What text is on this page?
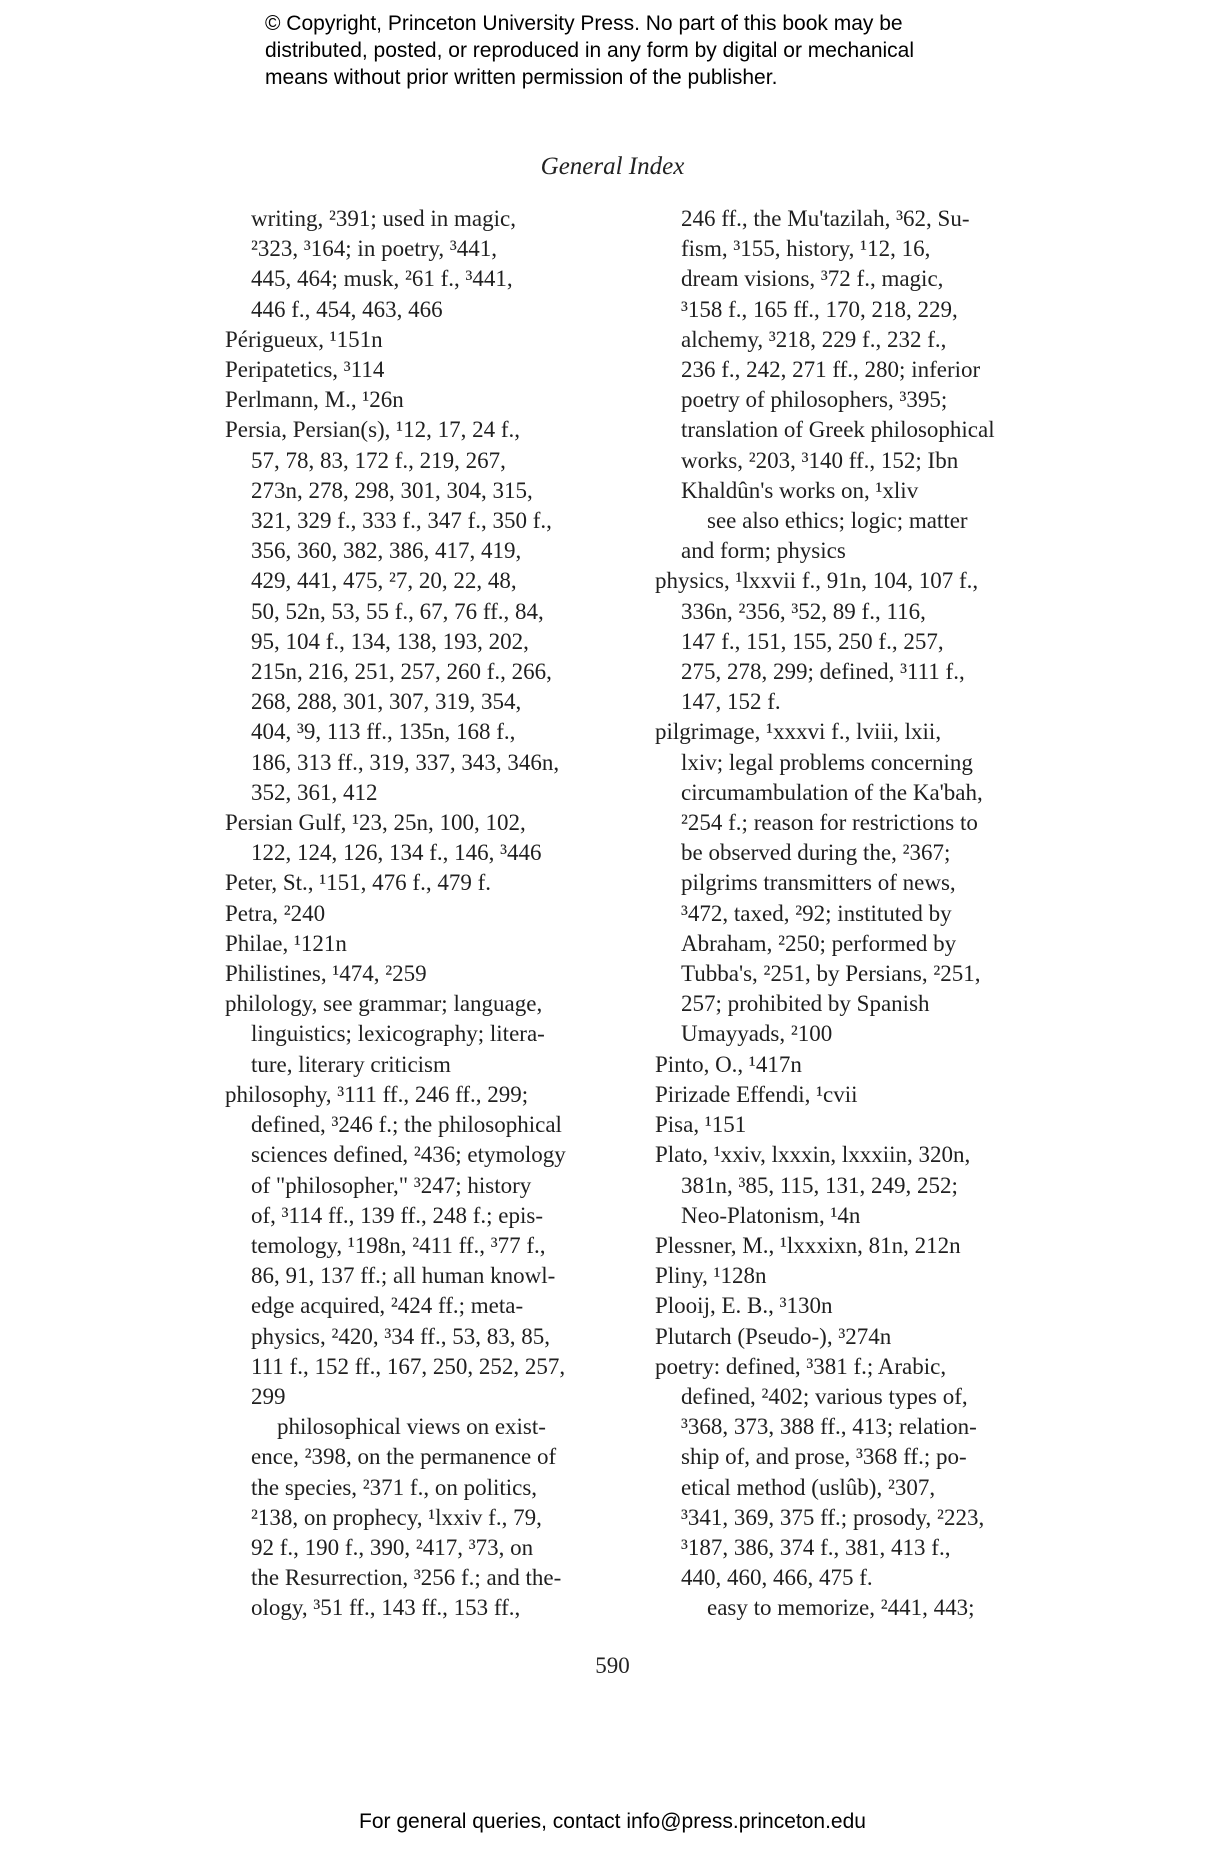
© Copyright, Princeton University Press. No part of this book may be
distributed, posted, or reproduced in any form by digital or mechanical
means without prior written permission of the publisher.
General Index
writing, ²391; used in magic,
²323, ³164; in poetry, ³441,
445, 464; musk, ²61 f., ³441,
446 f., 454, 463, 466
Périgueux, ¹151n
Peripatetics, ³114
Perlmann, M., ¹26n
Persia, Persian(s), ¹12, 17, 24 f.,
57, 78, 83, 172 f., 219, 267,
273n, 278, 298, 301, 304, 315,
321, 329 f., 333 f., 347 f., 350 f.,
356, 360, 382, 386, 417, 419,
429, 441, 475, ²7, 20, 22, 48,
50, 52n, 53, 55 f., 67, 76 ff., 84,
95, 104 f., 134, 138, 193, 202,
215n, 216, 251, 257, 260 f., 266,
268, 288, 301, 307, 319, 354,
404, ³9, 113 ff., 135n, 168 f.,
186, 313 ff., 319, 337, 343, 346n,
352, 361, 412
Persian Gulf, ¹23, 25n, 100, 102,
122, 124, 126, 134 f., 146, ³446
Peter, St., ¹151, 476 f., 479 f.
Petra, ²240
Philae, ¹121n
Philistines, ¹474, ²259
philology, see grammar; language,
linguistics; lexicography; litera-
ture, literary criticism
philosophy, ³111 ff., 246 ff., 299;
defined, ³246 f.; the philosophical
sciences defined, ²436; etymology
of "philosopher," ³247; history
of, ³114 ff., 139 ff., 248 f.; epis-
temology, ¹198n, ²411 ff., ³77 f.,
86, 91, 137 ff.; all human knowl-
edge acquired, ²424 ff.; meta-
physics, ²420, ³34 ff., 53, 83, 85,
111 f., 152 ff., 167, 250, 252, 257,
299
philosophical views on exist-
ence, ²398, on the permanence of
the species, ²371 f., on politics,
²138, on prophecy, ¹lxxiv f., 79,
92 f., 190 f., 390, ²417, ³73, on
the Resurrection, ³256 f.; and the-
ology, ³51 ff., 143 ff., 153 ff.,
246 ff., the Mu'tazilah, ³62, Su-
fism, ³155, history, ¹12, 16,
dream visions, ³72 f., magic,
³158 f., 165 ff., 170, 218, 229,
alchemy, ³218, 229 f., 232 f.,
236 f., 242, 271 ff., 280; inferior
poetry of philosophers, ³395;
translation of Greek philosophical
works, ²203, ³140 ff., 152; Ibn
Khaldûn's works on, ¹xliv
see also ethics; logic; matter
and form; physics
physics, ¹lxxvii f., 91n, 104, 107 f.,
336n, ²356, ³52, 89 f., 116,
147 f., 151, 155, 250 f., 257,
275, 278, 299; defined, ³111 f.,
147, 152 f.
pilgrimage, ¹xxxvi f., lviii, lxii,
lxiv; legal problems concerning
circumambulation of the Ka'bah,
²254 f.; reason for restrictions to
be observed during the, ²367;
pilgrims transmitters of news,
³472, taxed, ²92; instituted by
Abraham, ²250; performed by
Tubba's, ²251, by Persians, ²251,
257; prohibited by Spanish
Umayyads, ²100
Pinto, O., ¹417n
Pirizade Effendi, ¹cvii
Pisa, ¹151
Plato, ¹xxiv, lxxxin, lxxxiin, 320n,
381n, ³85, 115, 131, 249, 252;
Neo-Platonism, ¹4n
Plessner, M., ¹lxxxixn, 81n, 212n
Pliny, ¹128n
Plooij, E. B., ³130n
Plutarch (Pseudo-), ³274n
poetry: defined, ³381 f.; Arabic,
defined, ²402; various types of,
³368, 373, 388 ff., 413; relation-
ship of, and prose, ³368 ff.; po-
etical method (uslûb), ²307,
³341, 369, 375 ff.; prosody, ²223,
³187, 386, 374 f., 381, 413 f.,
440, 460, 466, 475 f.
easy to memorize, ²441, 443;
590
For general queries, contact info@press.princeton.edu
